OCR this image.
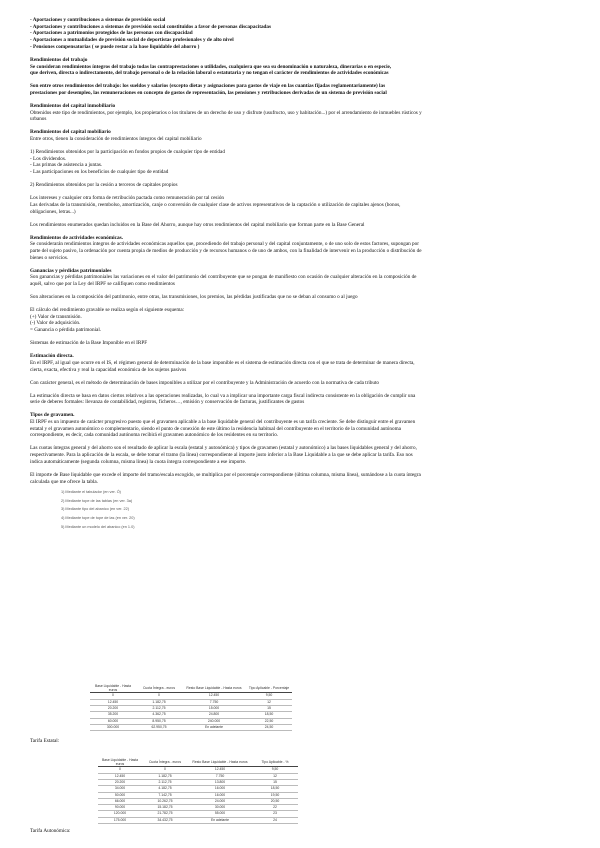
- Aportaciones y contribuciones a sistemas de previsión social

- Aportaciones y contribuciones a sistemas de previsión social constituidos a favor de personas discapacitadas

- Aportaciones a patrimonios protegidos de las personas con discapacidad

- Aportaciones a mutualidades de previsión social de deportistas profesionales y de alto nivel

- Pensiones compensatorias ( se puede restar a la base liquidable del ahorro )

Rendimientos del trabajo

Se consideran rendimientos íntegros del trabajo todas las contraprestaciones o utilidades, cualquiera que sea su denominación o naturaleza, dinerarias o en especie,

que deriven, directa o indirectamente, del trabajo personal o de la relación laboral o estatutaria y no tengan el carácter de rendimientos de actividades económicas

Son entre otros rendimientos del trabajo: los sueldos y salarios (excepto dietas y asignaciones para gastos de viaje en las cuantías fijadas reglamentariamente) las

prestaciones por desempleo, las remuneraciones en concepto de gastos de representación, las pensiones y retribuciones derivadas de un sistema de previsión social

Rendimientos del capital inmobiliario

Obtenidos este tipo de rendimientos, por ejemplo, los propietarios o los titulares de un derecho de uso y disfrute (usufructo, uso y habitación...) por el arrendamiento de inmuebles rústicos y

urbanos

Rendimientos del capital mobiliario

Entre otros, tienen la consideración de rendimientos íntegros del capital mobiliario

1) Rendimientos obtenidos por la participación en fondos propios de cualquier tipo de entidad

- Los dividendos.

- Las primas de asistencia a juntas.

- Las participaciones en los beneficios de cualquier tipo de entidad

2) Rendimientos obtenidos por la cesión a terceros de capitales propios

Los intereses y cualquier otra forma de retribución pactada como remuneración por tal cesión

Las derivadas de la transmisión, reembolso, amortización, canje o conversión de cualquier clase de activos representativos de la captación o utilización de capitales ajenos (bonos,

obligaciones, letras...)

Los rendimientos enumerados quedan incluidos en la Base del Ahorro, aunque hay otros rendimientos del capital mobiliario que forman parte en la Base General

Rendimientos de actividades económicas.

Se considerarán rendimientos íntegros de actividades económicas aquellos que, procediendo del trabajo personal y del capital conjuntamente, o de uno solo de estos factores, supongan por

parte del sujeto pasivo, la ordenación por cuenta propia de medios de producción y de recursos humanos o de uno de ambos, con la finalidad de intervenir en la producción o distribución de

bienes o servicios.

Ganancias y pérdidas patrimoniales

Son ganancias y pérdidas patrimoniales las variaciones en el valor del patrimonio del contribuyente que se pongan de manifiesto con ocasión de cualquier alteración en la composición de

aquél, salvo que por la Ley del IRPF se califiquen como rendimientos

Son alteraciones en la composición del patrimonio, entre otras, las transmisiones, los premios, las pérdidas justificadas que no se deban al consumo o al juego

El cálculo del rendimiento gravable se realiza según el siguiente esquema:

(+) Valor de transmisión.

(-) Valor de adquisición.

= Ganancia o pérdida patrimonial.

Sistemas de estimación de la Base Imponible en el IRPF

Estimación directa.

En el IRPF, al igual que ocurre en el IS, el régimen general de determinación de la base imponible es el sistema de estimación directa con el que se trata de determinar de manera directa,

cierta, exacta, efectiva y real la capacidad económica de los sujetos pasivos

Con carácter general, es el método de determinación de bases imponibles a utilizar por el contribuyente y la Administración de acuerdo con la normativa de cada tributo

La estimación directa se basa en datos ciertos relativos a las operaciones realizadas, lo cual va a implicar una importante carga fiscal indirecta consistente en la obligación de cumplir una

serie de deberes formales: llevanza de contabilidad, registros, ficheros…, emisión y conservación de facturas, justificantes de gastos

Tipos de gravamen.

El IRPF es un impuesto de carácter progresivo puesto que el gravamen aplicable a la base liquidable general del contribuyente es un tarifa creciente. Se debe distinguir entre el gravamen

estatal y el gravamen autonómico o complementario, siendo el punto de conexión de este último la residencia habitual del contribuyente en el territorio de la comunidad autónoma

correspondiente, es decir, cada comunidad autónoma recibirá el gravamen autonómico de los residentes en su territorio.

Las cuotas íntegras general y del ahorro son el resultado de aplicar la escala (estatal y autonómica) y tipos de gravamen (estatal y autonómico) a las bases liquidables general y del ahorro,

respectivamente. Para la aplicación de la escala, se debe tomar el tramo (la línea) correspondiente al importe justo inferior a la Base Liquidable a la que se debe aplicar la tarifa. Eso nos

indica automáticamente (segunda columna, misma línea) la cuota íntegra correspondiente a ese importe.

El importe de Base liquidable que excede el importe del tramo/escala escogido, se multiplica por el porcentaje correspondiente (última columna, misma línea), sumándose a la cuota íntegra

calculada que me ofrece la tabla.

1) Mediante el tabulador (en ver. Ó)

2) Mediante tope de las tablas (en ver. 3a)

3) Mediante tipo del abanico (en ver. 22)

4) Mediante tope de tope de las (en ver. 20)

5) Mediante un modelo del abanico (en 1.0)

Base Liquidable - Hasta euros	Cuota Íntegra - euros	Resto Base Liquidable - Hasta euros	Tipo Aplicable - Porcentaje
0	0	12.450	9,50
12.450	1.182,75	7.750	12
20.200	2.112,75	15.000	15
35.200	4.362,75	24.800	18,50
60.000	8.950,75	240.000	22,50
300.000	62.950,75	En adelante	24,50
Tarifa Estatal:
Base Liquidable - Hasta euros	Cuota Íntegra - euros	Resto Base Liquidable - Hasta euros	Tipo Aplicable - %
0	0	12.450	9,50
12.450	1.182,75	7.750	12
20.200	2.112,75	13.800	15
34.000	4.182,75	16.000	18,50
50.000	7.142,75	16.000	19,50
66.000	10.262,75	24.000	20,50
90.000	15.182,75	30.000	22
120.000	21.782,75	55.000	23
175.000	34.432,75	En adelante	24
Tarifa Autonómica:
